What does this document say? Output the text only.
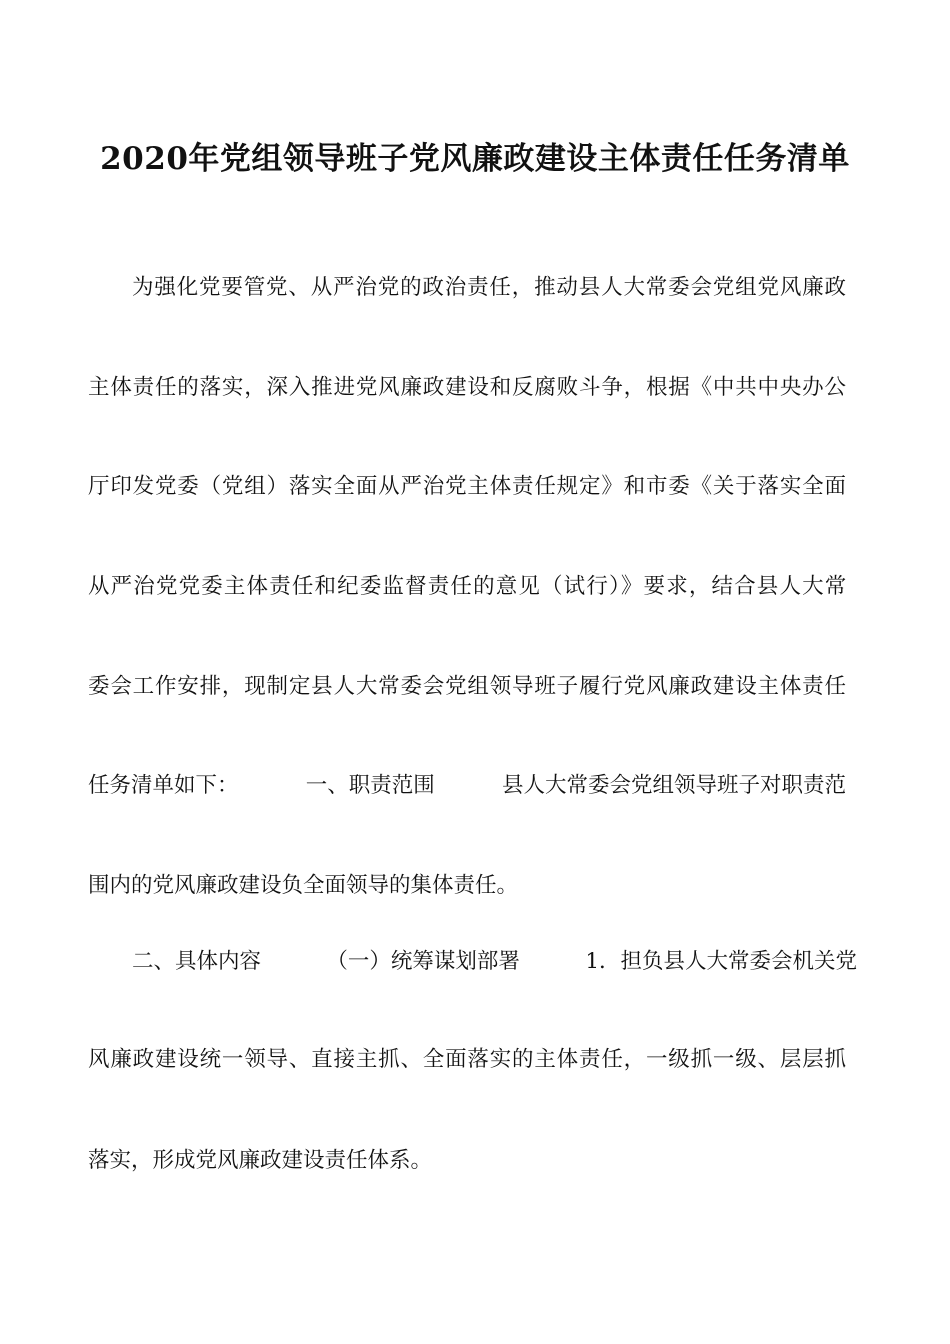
2020年党组领导班子党风廉政建设主体责任任务清单
为强化党要管党、从严治党的政治责任，推动县人大常委会党组党风廉政
主体责任的落实，深入推进党风廉政建设和反腐败斗争，根据《中共中央办公
厅印发党委（党组）落实全面从严治党主体责任规定》和市委《关于落实全面
从严治党党委主体责任和纪委监督责任的意见（试行）》要求，结合县人大常
委会工作安排，现制定县人大常委会党组领导班子履行党风廉政建设主体责任
任务清单如下：	一、职责范围	县人大常委会党组领导班子对职责范
围内的党风廉政建设负全面领导的集体责任。
二、具体内容	（一）统筹谋划部署	1．担负县人大常委会机关党
风廉政建设统一领导、直接主抓、全面落实的主体责任，一级抓一级、层层抓
落实，形成党风廉政建设责任体系。
